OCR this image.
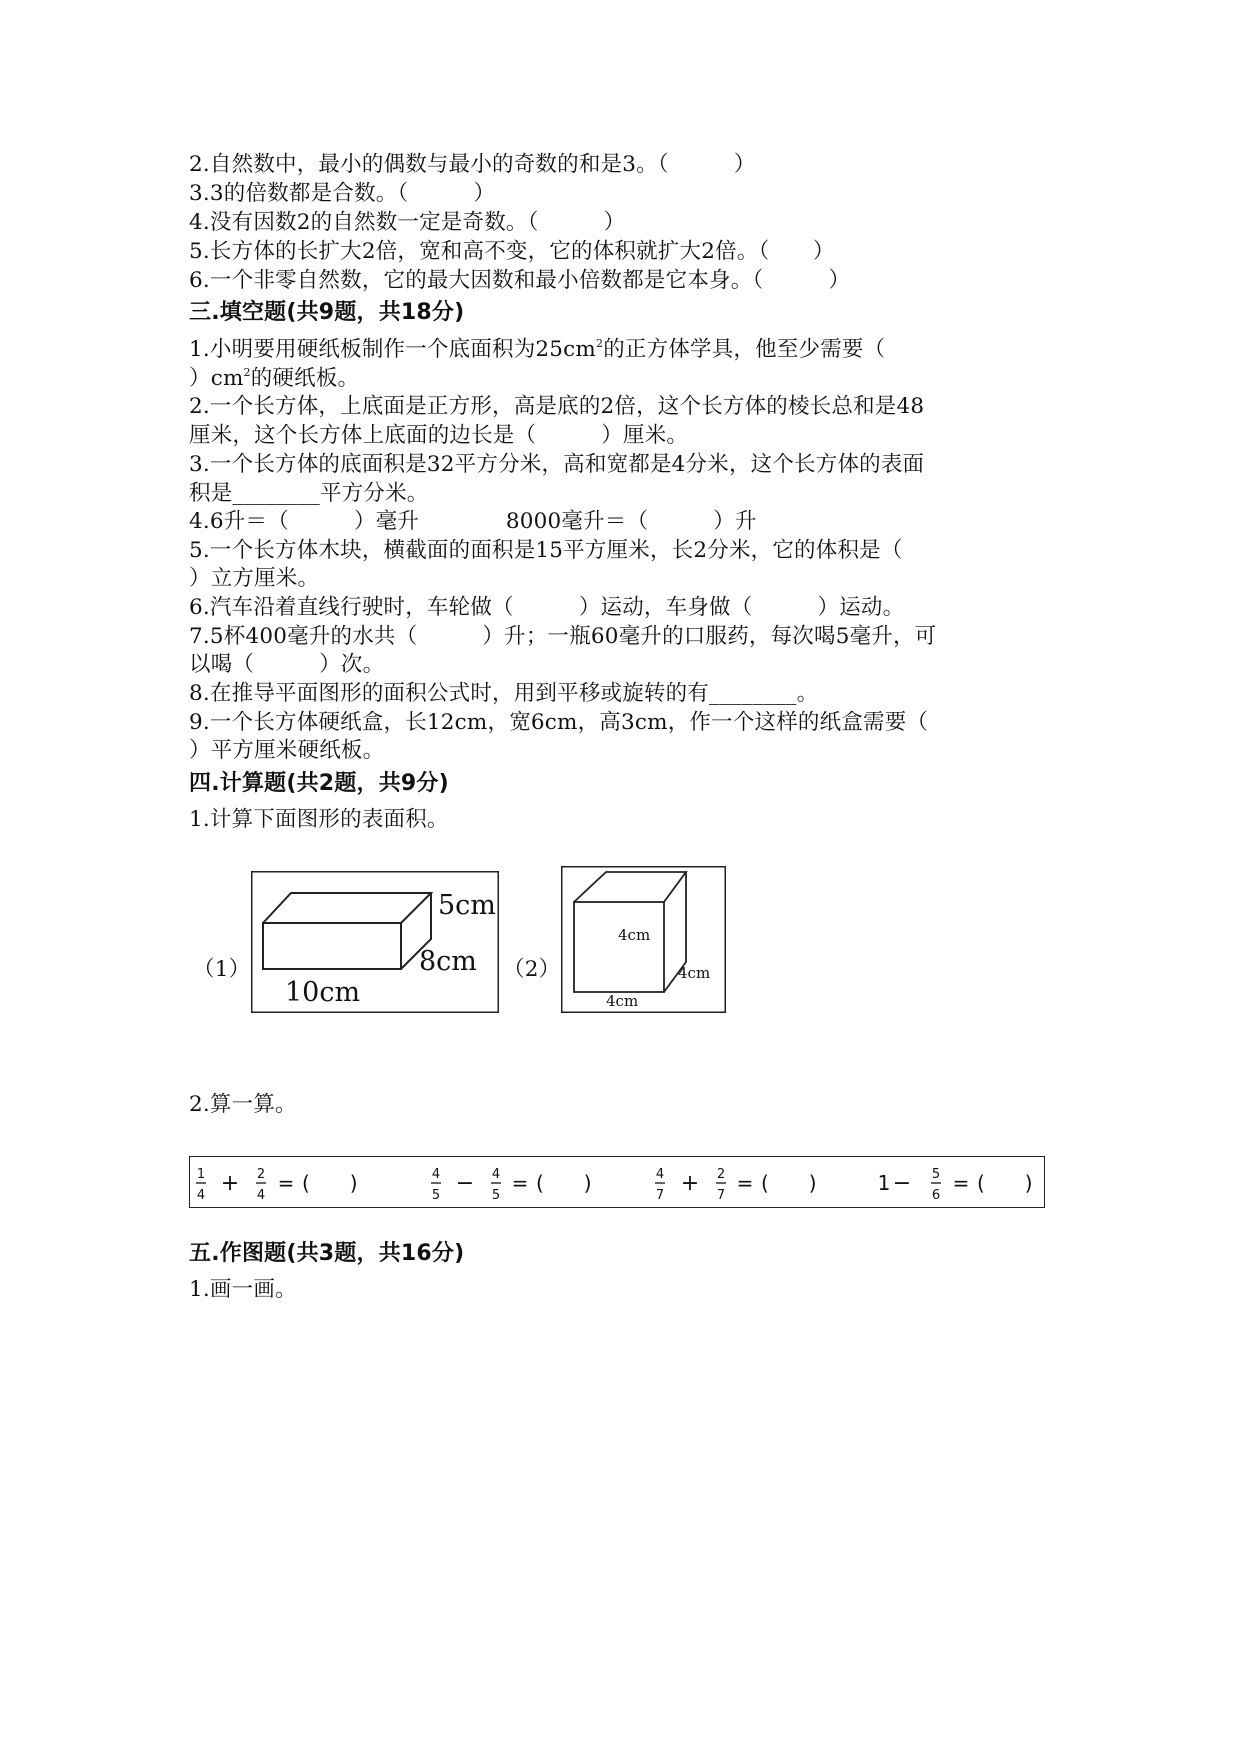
2.自然数中，最小的偶数与最小的奇数的和是3。（　　　）
3.3的倍数都是合数。（　　　）
4.没有因数2的自然数一定是奇数。（　　　）
5.长方体的长扩大2倍，宽和高不变，它的体积就扩大2倍。（　　）
6.一个非零自然数，它的最大因数和最小倍数都是它本身。（　　　）
三.填空题(共9题，共18分)
1.小明要用硬纸板制作一个底面积为$25cm^2$的正方体学具，他至少需要（
）$cm^2$的硬纸板。
2.一个长方体，上底面是正方形，高是底的2倍，这个长方体的棱长总和是48
厘米，这个长方体上底面的边长是（　　　）厘米。
3.一个长方体的底面积是32平方分米，高和宽都是4分米，这个长方体的表面
积是________平方分米。
4.6升＝（　　　）毫升　　　　8000毫升＝（　　　）升
5.一个长方体木块，横截面的面积是15平方厘米，长2分米，它的体积是（
）立方厘米。
6.汽车沿着直线行驶时，车轮做（　　　）运动，车身做（　　　）运动。
7.5杯400毫升的水共（　　　）升；一瓶60毫升的口服药，每次喝5毫升，可
以喝（　　　）次。
8.在推导平面图形的面积公式时，用到平移或旋转的有________。
9.一个长方体硬纸盒，长12cm，宽6cm，高3cm，作一个这样的纸盒需要（
）平方厘米硬纸板。
四.计算题(共2题，共9分)
1.计算下面图形的表面积。
（1）
5cm
8cm
10cm
（2）
4cm
4cm
4cm
2.算一算。
1
4 + 2
4
= (　　)	4
5 − 4
5
= (　　)	4
7 + 2
7
= (　　)	1 − 5
6
= (　　)
五.作图题(共3题，共16分)
1.画一画。
